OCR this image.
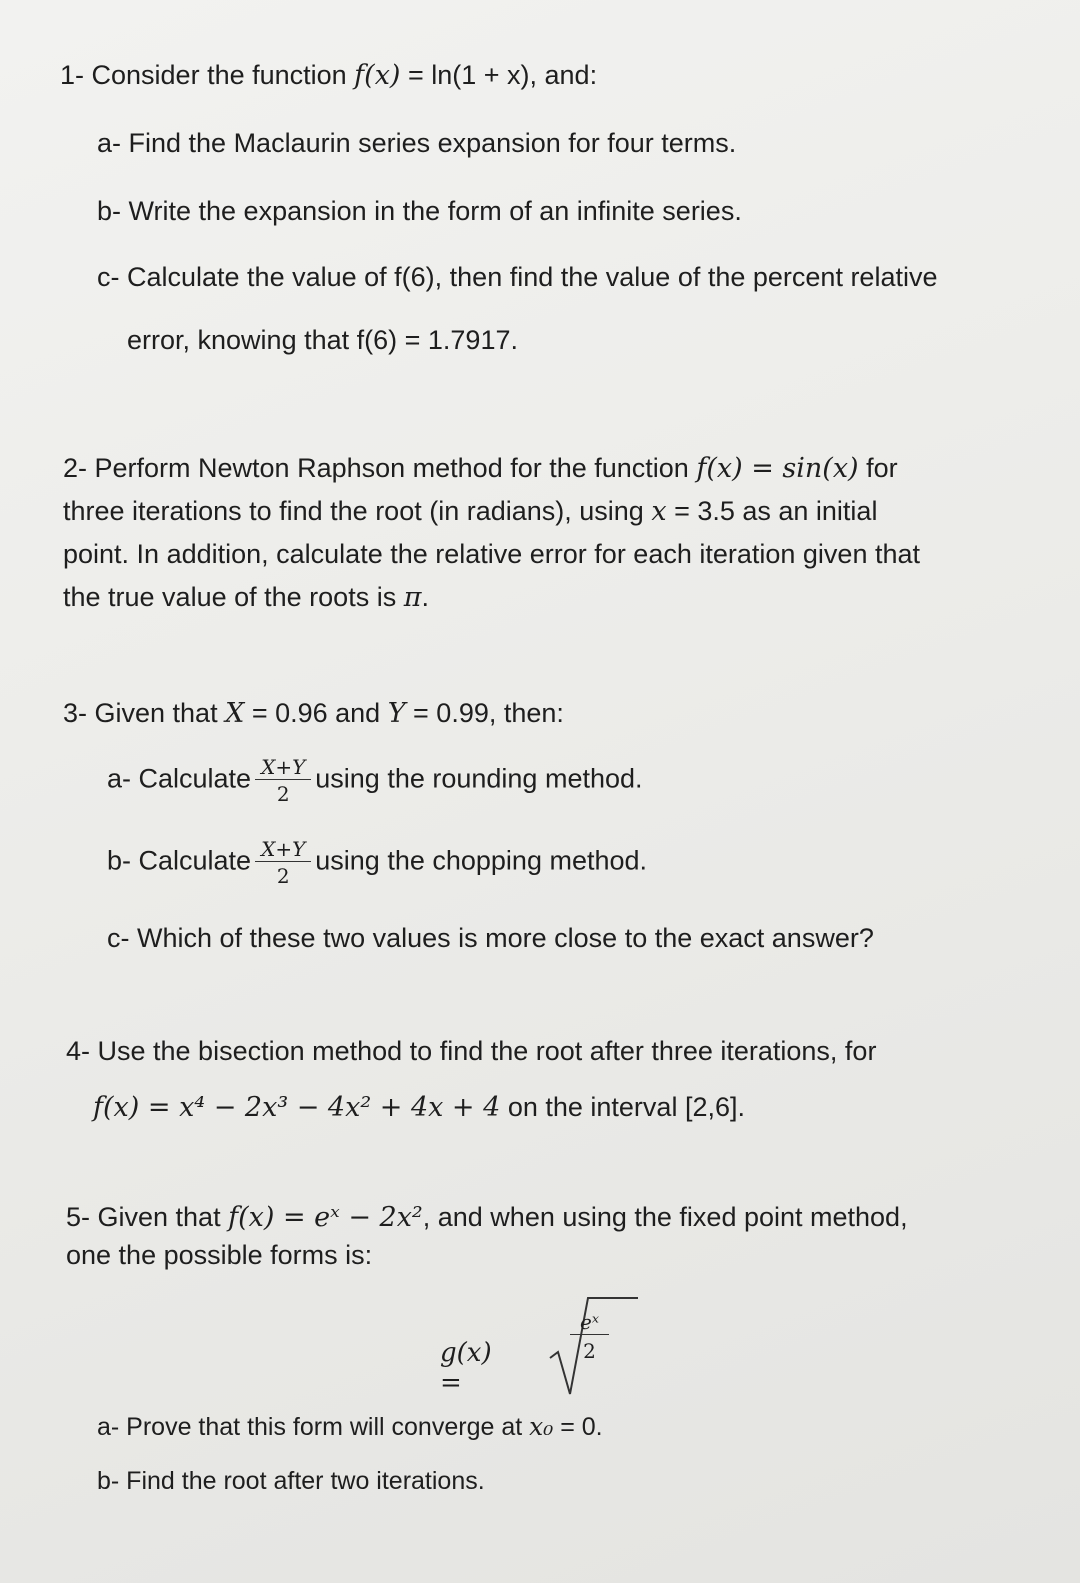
1- Consider the function f(x) = ln(1 + x), and:
a- Find the Maclaurin series expansion for four terms.
b- Write the expansion in the form of an infinite series.
c- Calculate the value of f(6), then find the value of the percent relative
error, knowing that f(6) = 1.7917.
2- Perform Newton Raphson method for the function f(x) = sin(x) for
three iterations to find the root (in radians), using x = 3.5 as an initial
point. In addition, calculate the relative error for each iteration given that
the true value of the roots is π.
3- Given that X = 0.96 and Y = 0.99, then:
a- Calculate $\frac{X+Y}{2}$ using the rounding method.
b- Calculate $\frac{X+Y}{2}$ using the chopping method.
c- Which of these two values is more close to the exact answer?
4- Use the bisection method to find the root after three iterations, for
f(x) = x⁴ − 2x³ − 4x² + 4x + 4 on the interval [2,6].
5- Given that f(x) = eˣ − 2x², and when using the fixed point method,
one the possible forms is:
g(x) =
$\frac{\text{eˣ}}{2}$
a- Prove that this form will converge at x₀ = 0.
b- Find the root after two iterations.
